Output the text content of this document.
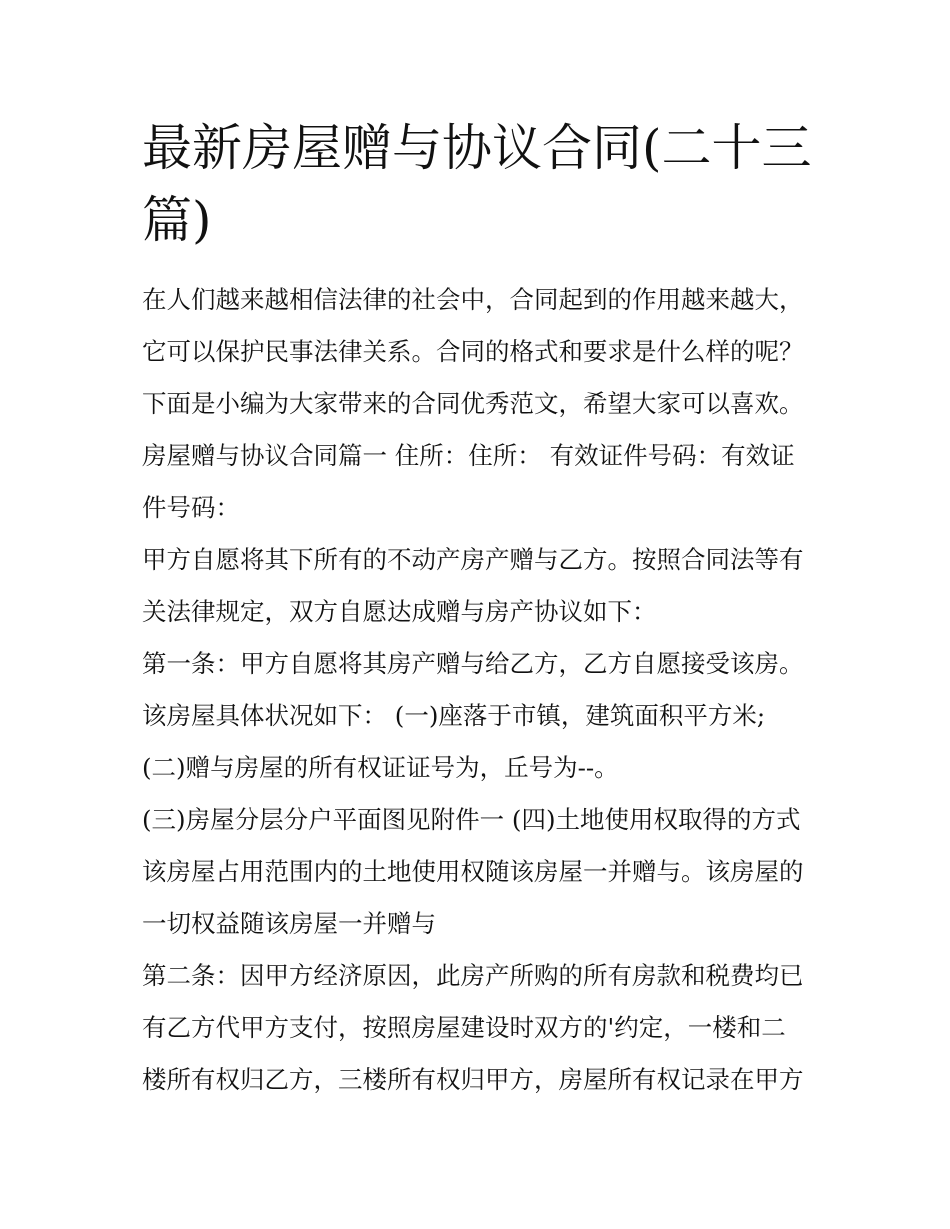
最新房屋赠与协议合同(二十三
篇)
在人们越来越相信法律的社会中，合同起到的作用越来越大，
它可以保护民事法律关系。合同的格式和要求是什么样的呢？
下面是小编为大家带来的合同优秀范文，希望大家可以喜欢。
房屋赠与协议合同篇一 住所：住所： 有效证件号码：有效证
件号码：
甲方自愿将其下所有的不动产房产赠与乙方。按照合同法等有
关法律规定，双方自愿达成赠与房产协议如下：
第一条：甲方自愿将其房产赠与给乙方，乙方自愿接受该房。
该房屋具体状况如下： (一)座落于市镇，建筑面积平方米;
(二)赠与房屋的所有权证证号为，丘号为--。
(三)房屋分层分户平面图见附件一 (四)土地使用权取得的方式
该房屋占用范围内的土地使用权随该房屋一并赠与。该房屋的
一切权益随该房屋一并赠与
第二条：因甲方经济原因，此房产所购的所有房款和税费均已
有乙方代甲方支付，按照房屋建设时双方的'约定，一楼和二
楼所有权归乙方，三楼所有权归甲方，房屋所有权记录在甲方
